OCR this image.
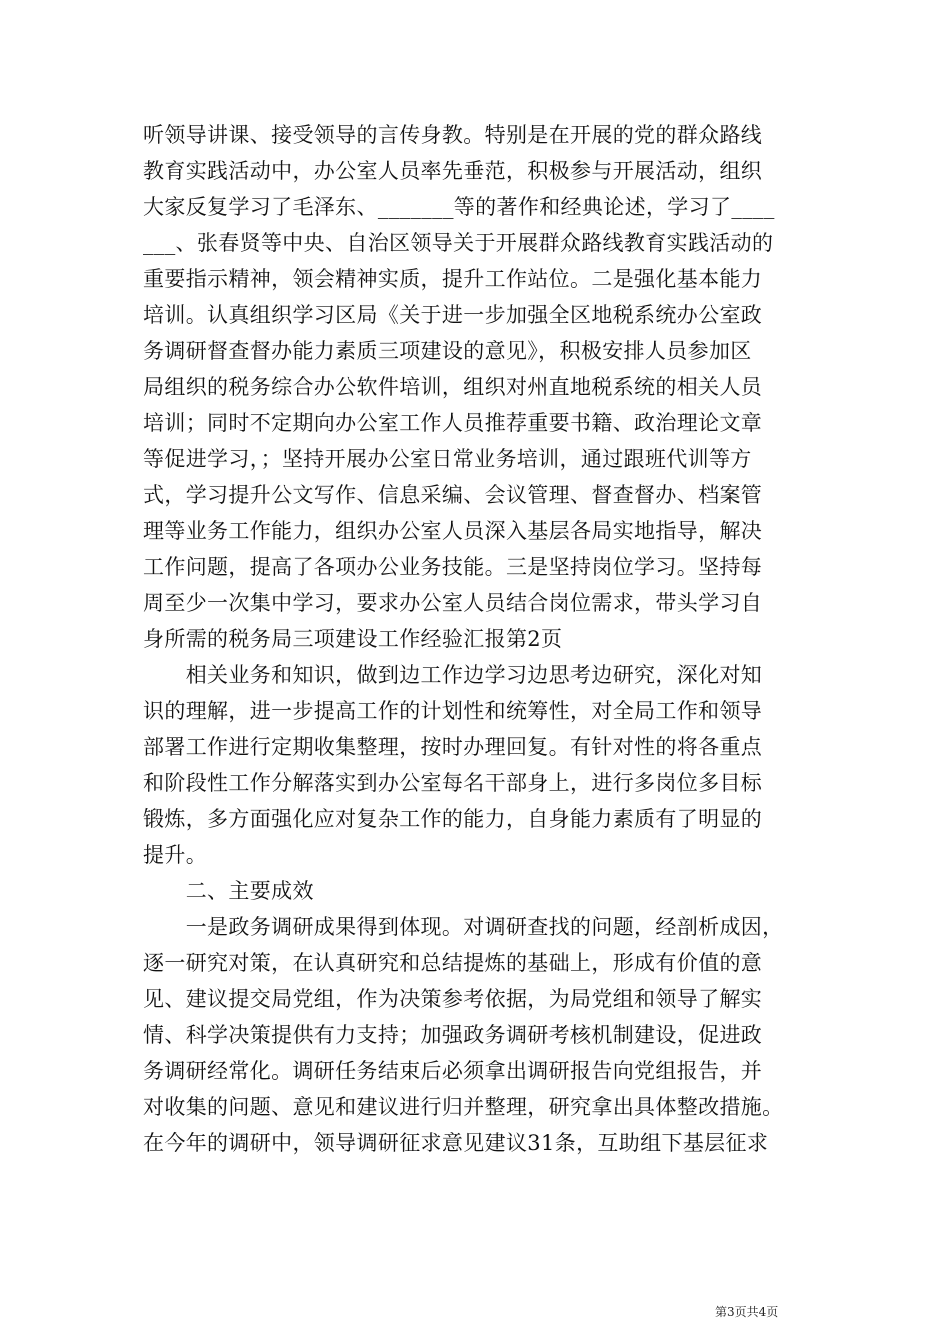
听领导讲课、接受领导的言传身教。特别是在开展的党的群众路线
教育实践活动中，办公室人员率先垂范，积极参与开展活动，组织
大家反复学习了毛泽东、_______等的著作和经典论述，学习了____
___、张春贤等中央、自治区领导关于开展群众路线教育实践活动的
重要指示精神，领会精神实质，提升工作站位。二是强化基本能力
培训。认真组织学习区局《关于进一步加强全区地税系统办公室政
务调研督查督办能力素质三项建设的意见》，积极安排人员参加区
局组织的税务综合办公软件培训，组织对州直地税系统的相关人员
培训；同时不定期向办公室工作人员推荐重要书籍、政治理论文章
等促进学习，；坚持开展办公室日常业务培训，通过跟班代训等方
式，学习提升公文写作、信息采编、会议管理、督查督办、档案管
理等业务工作能力，组织办公室人员深入基层各局实地指导，解决
工作问题，提高了各项办公业务技能。三是坚持岗位学习。坚持每
周至少一次集中学习，要求办公室人员结合岗位需求，带头学习自
身所需的税务局三项建设工作经验汇报第2页
　　相关业务和知识，做到边工作边学习边思考边研究，深化对知
识的理解，进一步提高工作的计划性和统筹性，对全局工作和领导
部署工作进行定期收集整理，按时办理回复。有针对性的将各重点
和阶段性工作分解落实到办公室每名干部身上，进行多岗位多目标
锻炼，多方面强化应对复杂工作的能力，自身能力素质有了明显的
提升。
　　二、主要成效
　　一是政务调研成果得到体现。对调研查找的问题，经剖析成因，
逐一研究对策，在认真研究和总结提炼的基础上，形成有价值的意
见、建议提交局党组，作为决策参考依据，为局党组和领导了解实
情、科学决策提供有力支持；加强政务调研考核机制建设，促进政
务调研经常化。调研任务结束后必须拿出调研报告向党组报告，并
对收集的问题、意见和建议进行归并整理，研究拿出具体整改措施。
在今年的调研中，领导调研征求意见建议31条，互助组下基层征求
第3页共4页
